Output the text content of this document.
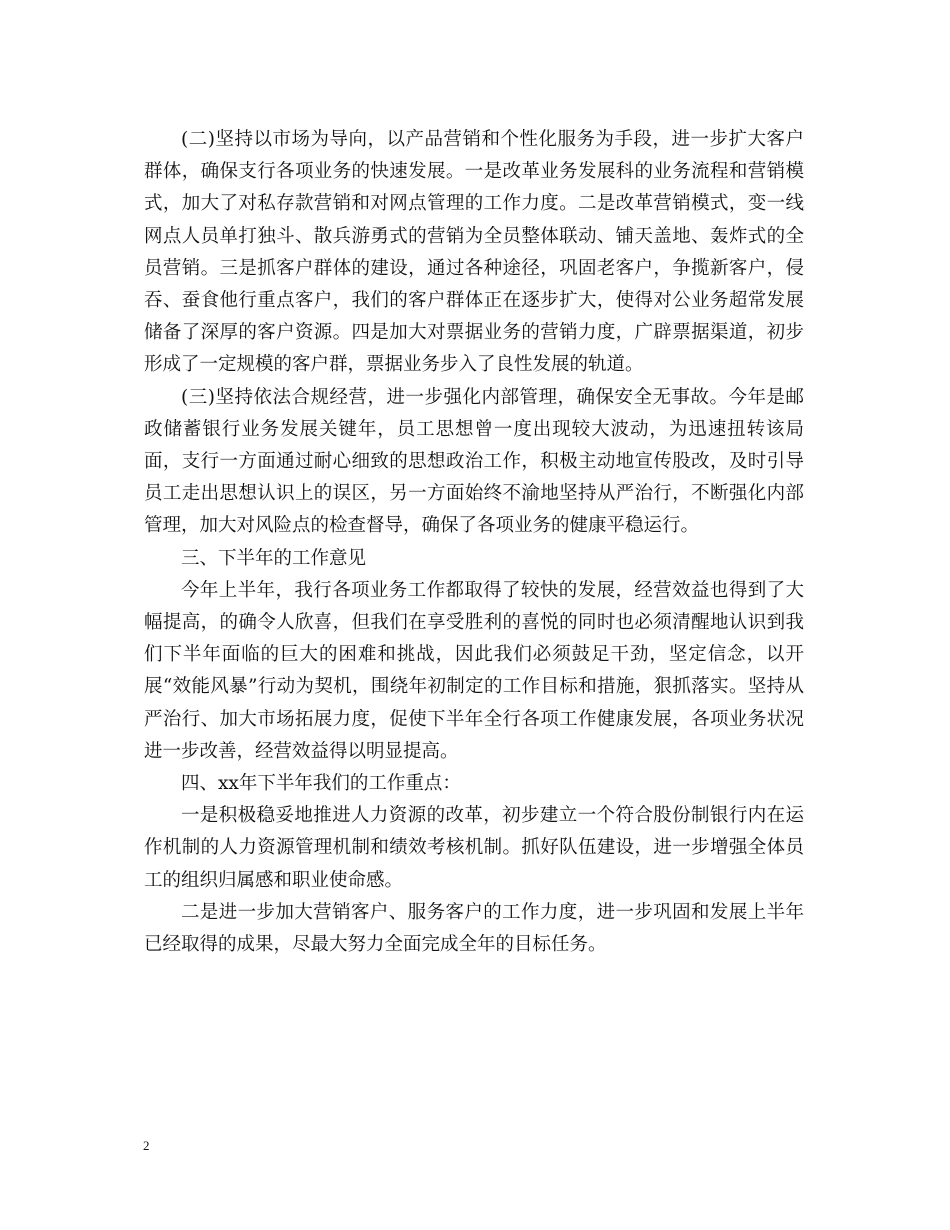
(二)坚持以市场为导向，以产品营销和个性化服务为手段，进一步扩大客户群体，确保支行各项业务的快速发展。一是改革业务发展科的业务流程和营销模式，加大了对私存款营销和对网点管理的工作力度。二是改革营销模式，变一线网点人员单打独斗、散兵游勇式的营销为全员整体联动、铺天盖地、轰炸式的全员营销。三是抓客户群体的建设，通过各种途径，巩固老客户，争揽新客户，侵吞、蚕食他行重点客户，我们的客户群体正在逐步扩大，使得对公业务超常发展储备了深厚的客户资源。四是加大对票据业务的营销力度，广辟票据渠道，初步形成了一定规模的客户群，票据业务步入了良性发展的轨道。

(三)坚持依法合规经营，进一步强化内部管理，确保安全无事故。今年是邮政储蓄银行业务发展关键年，员工思想曾一度出现较大波动，为迅速扭转该局面，支行一方面通过耐心细致的思想政治工作，积极主动地宣传股改，及时引导员工走出思想认识上的误区，另一方面始终不渝地坚持从严治行，不断强化内部管理，加大对风险点的检查督导，确保了各项业务的健康平稳运行。

三、下半年的工作意见

今年上半年，我行各项业务工作都取得了较快的发展，经营效益也得到了大幅提高，的确令人欣喜，但我们在享受胜利的喜悦的同时也必须清醒地认识到我们下半年面临的巨大的困难和挑战，因此我们必须鼓足干劲，坚定信念，以开展“效能风暴”行动为契机，围绕年初制定的工作目标和措施，狠抓落实。坚持从严治行、加大市场拓展力度，促使下半年全行各项工作健康发展，各项业务状况进一步改善，经营效益得以明显提高。

四、xx年下半年我们的工作重点：

一是积极稳妥地推进人力资源的改革，初步建立一个符合股份制银行内在运作机制的人力资源管理机制和绩效考核机制。抓好队伍建设，进一步增强全体员工的组织归属感和职业使命感。

二是进一步加大营销客户、服务客户的工作力度，进一步巩固和发展上半年已经取得的成果，尽最大努力全面完成全年的目标任务。

2
